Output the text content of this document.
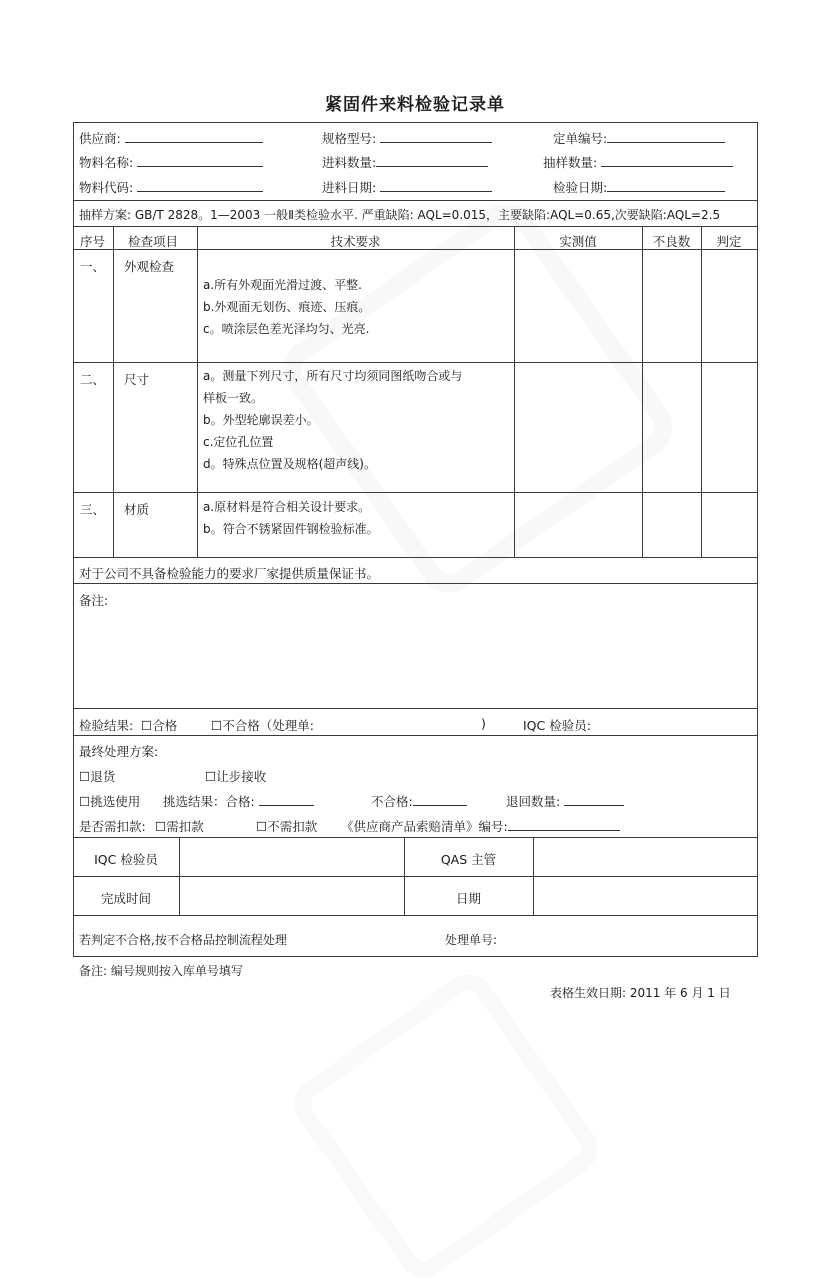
紧固件来料检验记录单
供应商:	规格型号:	定单编号:
物料名称:	进料数量:	抽样数量:
物料代码:	进料日期:	检验日期:
抽样方案: GB/T 2828。1—2003 一般Ⅱ类检验水平. 严重缺陷: AQL=0.015，主要缺陷:AQL=0.65,次要缺陷:AQL=2.5
序号 检查项目	技术要求	实测值	不良数	判定
一、 外观检查
a.所有外观面光滑过渡、平整.
b.外观面无划伤、痕迹、压痕。
c。喷涂层色差光泽均匀、光亮.
二、 尺寸	a。测量下列尺寸，所有尺寸均须同图纸吻合或与
样板一致。
b。外型轮廓误差小。
c.定位孔位置
d。特殊点位置及规格(超声线)。
三、 材质	a.原材料是符合相关设计要求。
b。符合不锈紧固件钢检验标准。
对于公司不具备检验能力的要求厂家提供质量保证书。
备注:
检验结果: ☐合格	☐不合格（处理单:	)	IQC 检验员:
最终处理方案:
☐退货	☐让步接收
☐挑选使用 挑选结果：合格:	不合格:	退回数量:
是否需扣款: ☐需扣款	☐不需扣款 《供应商产品索赔清单》编号:
IQC 检验员	QAS 主管
完成时间	日期
若判定不合格,按不合格品控制流程处理	处理单号:
备注: 编号规则按入库单号填写
表格生效日期: 2011 年 6 月 1 日
